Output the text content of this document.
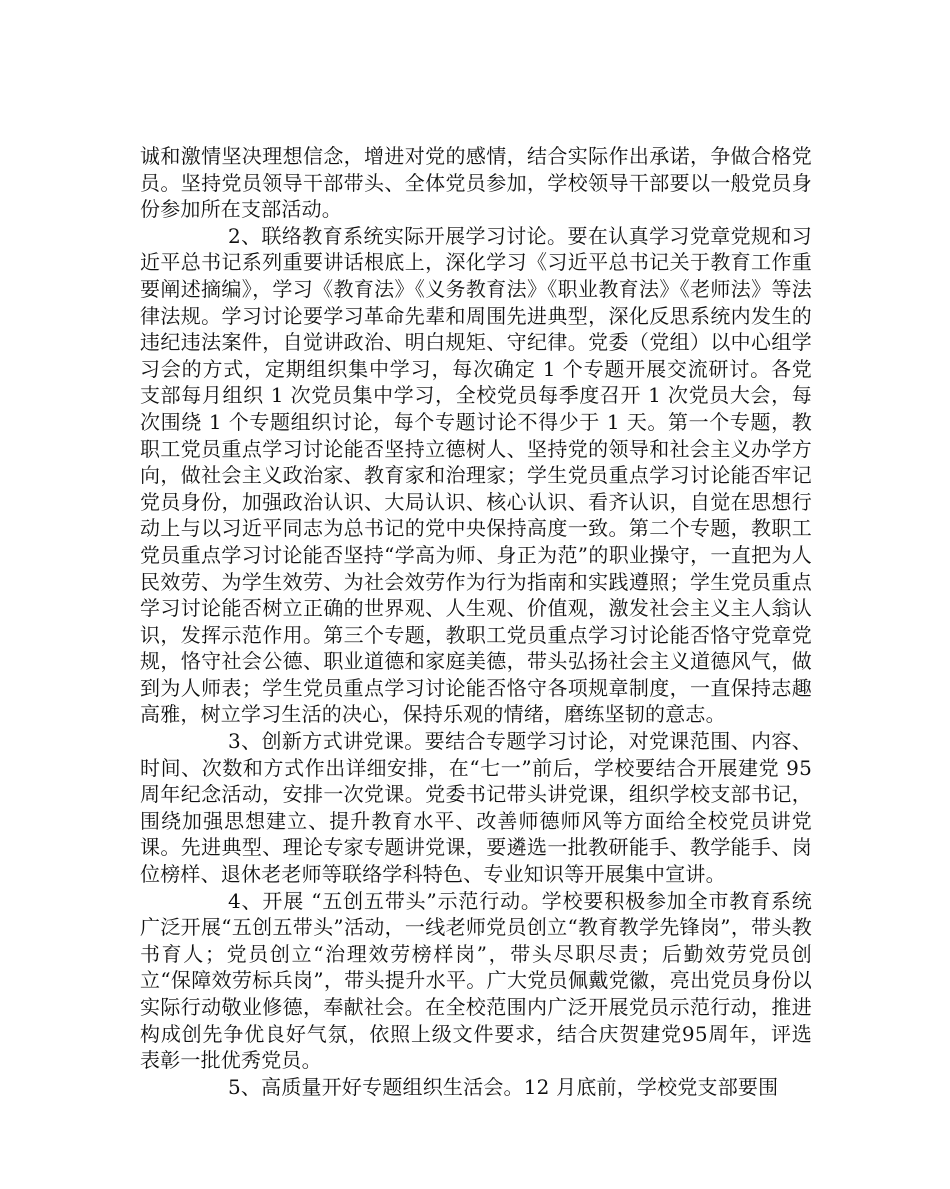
诚和激情坚决理想信念，增进对党的感情，结合实际作出承诺，争做合格党员。坚持党员领导干部带头、全体党员参加，学校领导干部要以一般党员身份参加所在支部活动。

2、联络教育系统实际开展学习讨论。要在认真学习党章党规和习近平总书记系列重要讲话根底上，深化学习《习近平总书记关于教育工作重要阐述摘编》，学习《教育法》《义务教育法》《职业教育法》《老师法》等法律法规。学习讨论要学习革命先辈和周围先进典型，深化反思系统内发生的违纪违法案件，自觉讲政治、明白规矩、守纪律。党委（党组）以中心组学习会的方式，定期组织集中学习，每次确定 1 个专题开展交流研讨。各党支部每月组织 1 次党员集中学习，全校党员每季度召开 1 次党员大会，每次围绕 1 个专题组织讨论，每个专题讨论不得少于 1 天。第一个专题，教职工党员重点学习讨论能否坚持立德树人、坚持党的领导和社会主义办学方向，做社会主义政治家、教育家和治理家；学生党员重点学习讨论能否牢记党员身份，加强政治认识、大局认识、核心认识、看齐认识，自觉在思想行动上与以习近平同志为总书记的党中央保持高度一致。第二个专题，教职工党员重点学习讨论能否坚持“学高为师、身正为范”的职业操守，一直把为人民效劳、为学生效劳、为社会效劳作为行为指南和实践遵照；学生党员重点学习讨论能否树立正确的世界观、人生观、价值观，激发社会主义主人翁认识，发挥示范作用。第三个专题，教职工党员重点学习讨论能否恪守党章党规，恪守社会公德、职业道德和家庭美德，带头弘扬社会主义道德风气，做到为人师表；学生党员重点学习讨论能否恪守各项规章制度，一直保持志趣高雅，树立学习生活的决心，保持乐观的情绪，磨练坚韧的意志。

3、创新方式讲党课。要结合专题学习讨论，对党课范围、内容、时间、次数和方式作出详细安排，在“七一”前后，学校要结合开展建党 95 周年纪念活动，安排一次党课。党委书记带头讲党课，组织学校支部书记，围绕加强思想建立、提升教育水平、改善师德师风等方面给全校党员讲党课。先进典型、理论专家专题讲党课，要遴选一批教研能手、教学能手、岗位榜样、退休老老师等联络学科特色、专业知识等开展集中宣讲。

4、开展 “五创五带头”示范行动。学校要积极参加全市教育系统广泛开展“五创五带头”活动，一线老师党员创立“教育教学先锋岗”，带头教书育人；党员创立“治理效劳榜样岗”，带头尽职尽责；后勤效劳党员创立“保障效劳标兵岗”，带头提升水平。广大党员佩戴党徽，亮出党员身份以实际行动敬业修德，奉献社会。在全校范围内广泛开展党员示范行动，推进构成创先争优良好气氛，依照上级文件要求，结合庆贺建党95周年，评选表彰一批优秀党员。

5、高质量开好专题组织生活会。12 月底前，学校党支部要围
